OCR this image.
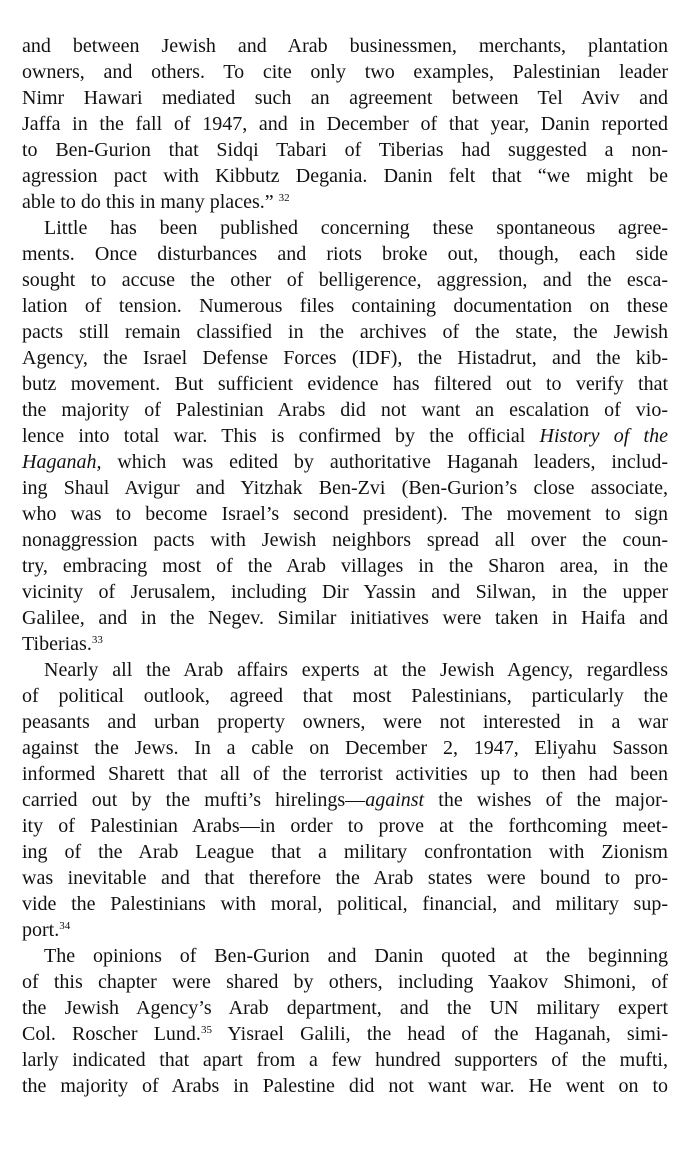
and between Jewish and Arab businessmen, merchants, plantation
owners, and others. To cite only two examples, Palestinian leader
Nimr Hawari mediated such an agreement between Tel Aviv and
Jaffa in the fall of 1947, and in December of that year, Danin reported
to Ben-Gurion that Sidqi Tabari of Tiberias had suggested a non-
agression pact with Kibbutz Degania. Danin felt that “we might be
able to do this in many places.” $^{32}$
Little has been published concerning these spontaneous agree-
ments. Once disturbances and riots broke out, though, each side
sought to accuse the other of belligerence, aggression, and the esca-
lation of tension. Numerous files containing documentation on these
pacts still remain classified in the archives of the state, the Jewish
Agency, the Israel Defense Forces (IDF), the Histadrut, and the kib-
butz movement. But sufficient evidence has filtered out to verify that
the majority of Palestinian Arabs did not want an escalation of vio-
lence into total war. This is confirmed by the official History of the
Haganah, which was edited by authoritative Haganah leaders, includ-
ing Shaul Avigur and Yitzhak Ben-Zvi (Ben-Gurion’s close associate,
who was to become Israel’s second president). The movement to sign
nonaggression pacts with Jewish neighbors spread all over the coun-
try, embracing most of the Arab villages in the Sharon area, in the
vicinity of Jerusalem, including Dir Yassin and Silwan, in the upper
Galilee, and in the Negev. Similar initiatives were taken in Haifa and
Tiberias.$^{33}$
Nearly all the Arab affairs experts at the Jewish Agency, regardless
of political outlook, agreed that most Palestinians, particularly the
peasants and urban property owners, were not interested in a war
against the Jews. In a cable on December 2, 1947, Eliyahu Sasson
informed Sharett that all of the terrorist activities up to then had been
carried out by the mufti’s hirelings—against the wishes of the major-
ity of Palestinian Arabs—in order to prove at the forthcoming meet-
ing of the Arab League that a military confrontation with Zionism
was inevitable and that therefore the Arab states were bound to pro-
vide the Palestinians with moral, political, financial, and military sup-
port.$^{34}$
The opinions of Ben-Gurion and Danin quoted at the beginning
of this chapter were shared by others, including Yaakov Shimoni, of
the Jewish Agency’s Arab department, and the UN military expert
Col. Roscher Lund.$^{35}$ Yisrael Galili, the head of the Haganah, simi-
larly indicated that apart from a few hundred supporters of the mufti,
the majority of Arabs in Palestine did not want war. He went on to
